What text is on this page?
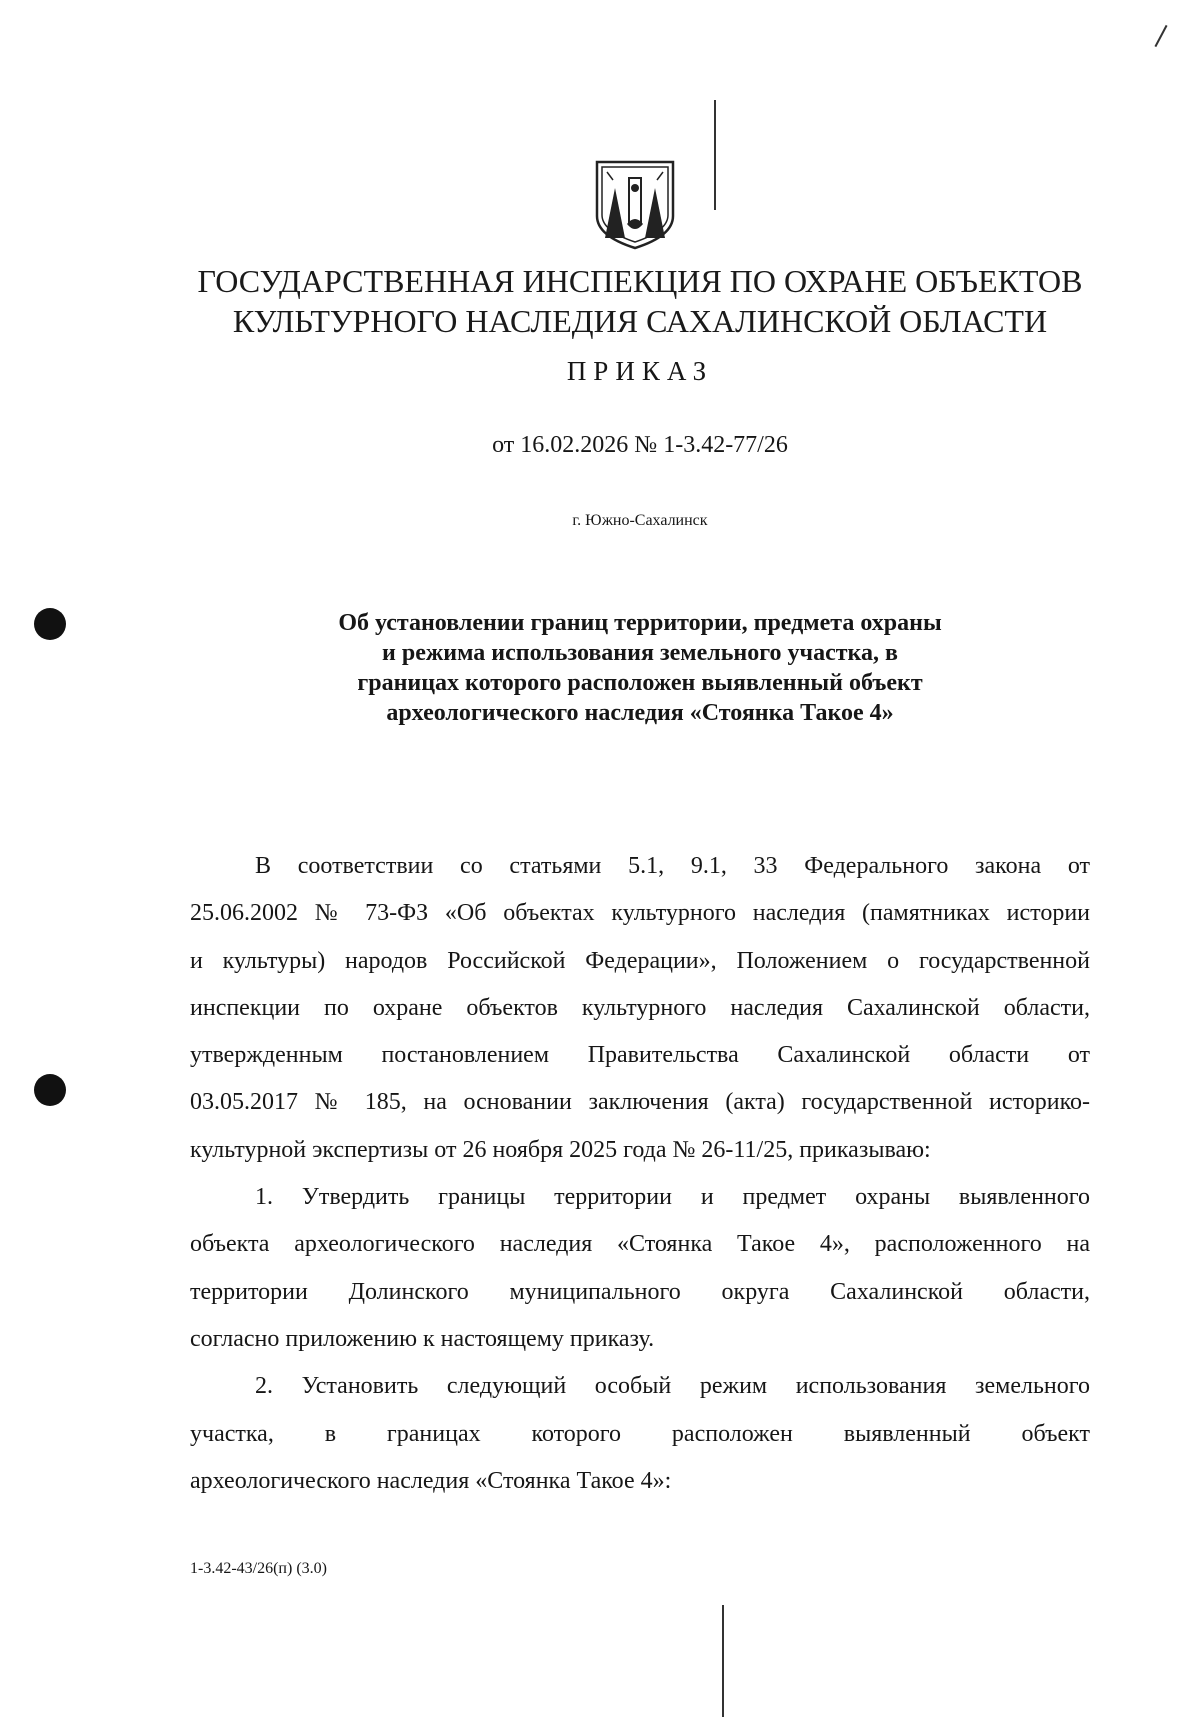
ГОСУДАРСТВЕННАЯ ИНСПЕКЦИЯ ПО ОХРАНЕ ОБЪЕКТОВ
КУЛЬТУРНОГО НАСЛЕДИЯ САХАЛИНСКОЙ ОБЛАСТИ
ПРИКАЗ
от 16.02.2026 № 1-3.42-77/26
г. Южно-Сахалинск
Об установлении границ территории, предмета охраны
и режима использования земельного участка, в
границах которого расположен выявленный объект
археологического наследия «Стоянка Такое 4»
В соответствии со статьями 5.1, 9.1, 33 Федерального закона от
25.06.2002 № 73-ФЗ «Об объектах культурного наследия (памятниках истории
и культуры) народов Российской Федерации», Положением о государственной
инспекции по охране объектов культурного наследия Сахалинской области,
утвержденным постановлением Правительства Сахалинской области от
03.05.2017 № 185, на основании заключения (акта) государственной историко-
культурной экспертизы от 26 ноября 2025 года № 26-11/25, приказываю:
1. Утвердить границы территории и предмет охраны выявленного
объекта археологического наследия «Стоянка Такое 4», расположенного на
территории Долинского муниципального округа Сахалинской области,
согласно приложению к настоящему приказу.
2. Установить следующий особый режим использования земельного
участка, в границах которого расположен выявленный объект
археологического наследия «Стоянка Такое 4»:
1-3.42-43/26(п) (3.0)
